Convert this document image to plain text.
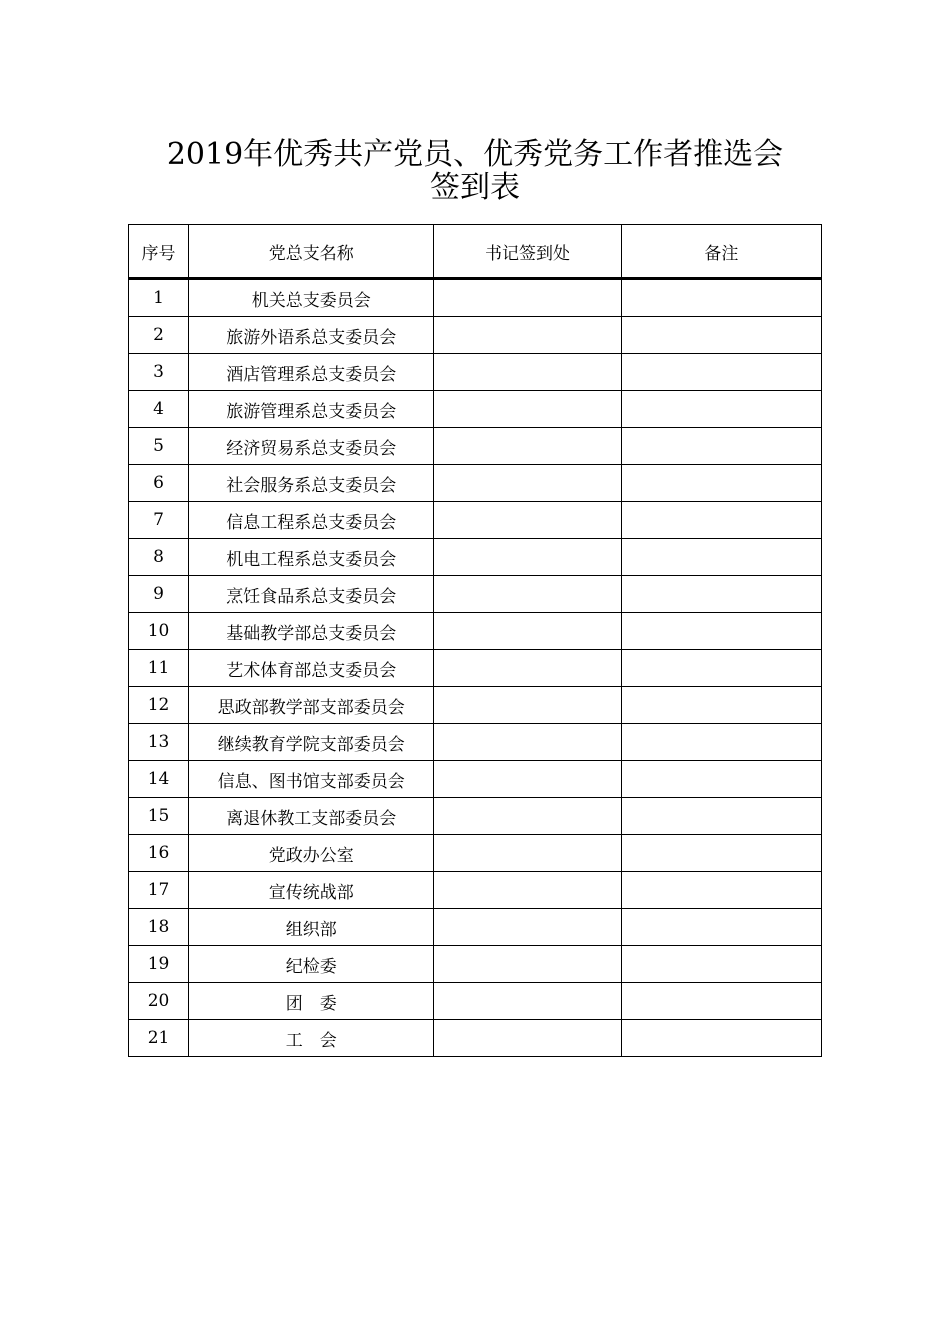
2019年优秀共产党员、优秀党务工作者推选会
签到表
序号	党总支名称	书记签到处	备注
1	机关总支委员会		
2	旅游外语系总支委员会		
3	酒店管理系总支委员会		
4	旅游管理系总支委员会		
5	经济贸易系总支委员会		
6	社会服务系总支委员会		
7	信息工程系总支委员会		
8	机电工程系总支委员会		
9	烹饪食品系总支委员会		
10	基础教学部总支委员会		
11	艺术体育部总支委员会		
12	思政部教学部支部委员会		
13	继续教育学院支部委员会		
14	信息、图书馆支部委员会		
15	离退休教工支部委员会		
16	党政办公室		
17	宣传统战部		
18	组织部		
19	纪检委		
20	团　委		
21	工　会		
